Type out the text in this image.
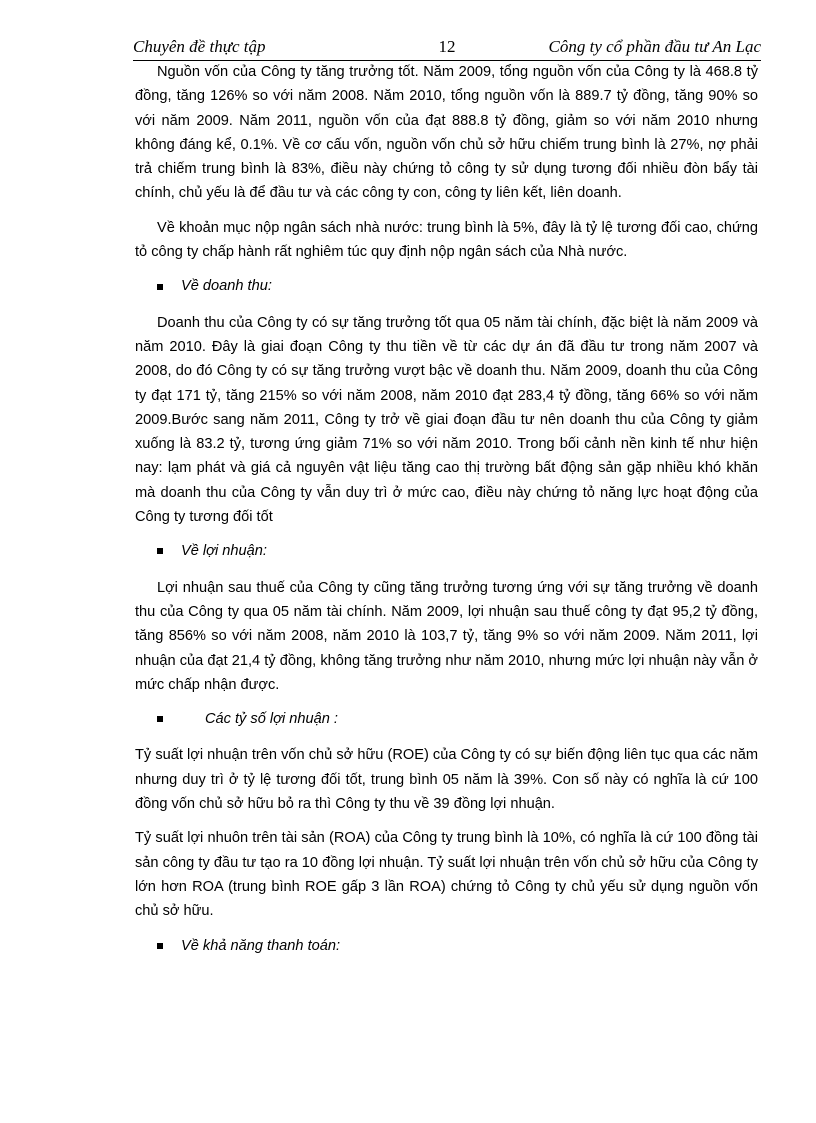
Chuyên đề thực tập	12	Công ty cổ phần đầu tư An Lạc

Nguồn vốn của Công ty tăng trưởng tốt. Năm 2009, tổng nguồn vốn của Công ty là 468.8 tỷ đồng, tăng 126% so với năm 2008. Năm 2010, tổng nguồn vốn là 889.7 tỷ đồng, tăng 90% so với năm 2009. Năm 2011, nguồn vốn của đạt 888.8 tỷ đồng, giảm so với năm 2010 nhưng không đáng kể, 0.1%. Về cơ cấu vốn, nguồn vốn chủ sở hữu chiếm trung bình là 27%, nợ phải trả chiếm trung bình là 83%, điều này chứng tỏ công ty sử dụng tương đối nhiều đòn bẩy tài chính, chủ yếu là để đầu tư và các công ty con, công ty liên kết, liên doanh.

Về khoản mục nộp ngân sách nhà nước: trung bình là 5%, đây là tỷ lệ tương đối cao, chứng tỏ công ty chấp hành rất nghiêm túc quy định nộp ngân sách của Nhà nước.

Về doanh thu:

Doanh thu của Công ty có sự tăng trưởng tốt qua 05 năm tài chính, đặc biệt là năm 2009 và năm 2010. Đây là giai đoạn Công ty thu tiền về từ các dự án đã đầu tư trong năm 2007 và 2008, do đó Công ty có sự tăng trưởng vượt bậc về doanh thu. Năm 2009, doanh thu của Công ty đạt 171 tỷ, tăng 215% so với năm 2008, năm 2010 đạt 283,4 tỷ đồng, tăng 66% so với năm 2009.Bước sang năm 2011, Công ty trở về giai đoạn đầu tư nên doanh thu của Công ty giảm xuống là 83.2 tỷ, tương ứng giảm 71% so với năm 2010. Trong bối cảnh nền kinh tế như hiện nay: lạm phát và giá cả nguyên vật liệu tăng cao thị trường bất động sản gặp nhiều khó khăn mà doanh thu của Công ty vẫn duy trì ở mức cao, điều này chứng tỏ năng lực hoạt động của Công ty tương đối tốt

Về lợi nhuận:

Lợi nhuận sau thuế của Công ty cũng tăng trưởng tương ứng với sự tăng trưởng về doanh thu của Công ty qua 05 năm tài chính. Năm 2009, lợi nhuận sau thuế công ty đạt 95,2 tỷ đồng, tăng 856% so với năm 2008, năm 2010 là 103,7 tỷ, tăng 9% so với năm 2009. Năm 2011, lợi nhuận của đạt 21,4 tỷ đồng, không tăng trưởng như năm 2010, nhưng mức lợi nhuận này vẫn ở mức chấp nhận được.

Các tỷ số lợi nhuận :

Tỷ suất lợi nhuận trên vốn chủ sở hữu (ROE) của Công ty có sự biến động liên tục qua các năm nhưng duy trì ở tỷ lệ tương đối tốt, trung bình 05 năm là 39%. Con số này có nghĩa là cứ 100 đồng vốn chủ sở hữu bỏ ra thì Công ty thu về 39 đồng lợi nhuận.

Tỷ suất lợi nhuôn trên tài sản (ROA) của Công ty trung bình là 10%, có nghĩa là cứ 100 đồng tài sản công ty đầu tư tạo ra 10 đồng lợi nhuận. Tỷ suất lợi nhuận trên vốn chủ sở hữu của Công ty lớn hơn ROA (trung bình ROE gấp 3 lần ROA) chứng tỏ Công ty chủ yếu sử dụng nguồn vốn chủ sở hữu.

Về khả năng thanh toán:
